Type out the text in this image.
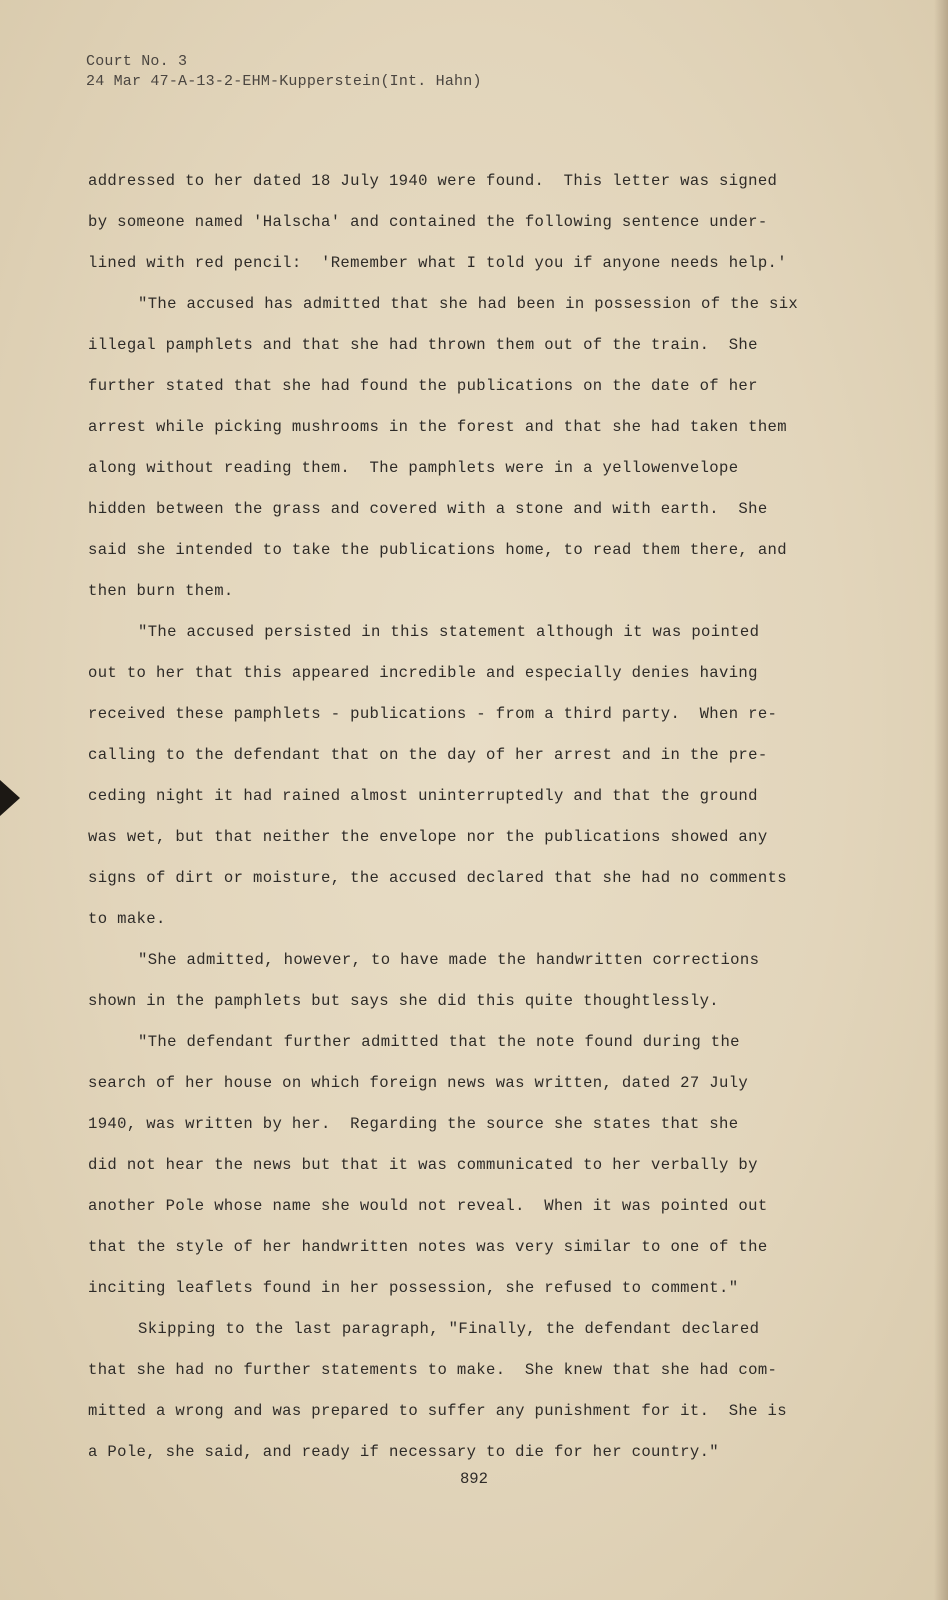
Court No. 3
24 Mar 47-A-13-2-EHM-Kupperstein(Int. Hahn)
addressed to her dated 18 July 1940 were found.  This letter was signed
by someone named 'Halscha' and contained the following sentence under-
lined with red pencil:  'Remember what I told you if anyone needs help.'
"The accused has admitted that she had been in possession of the six
illegal pamphlets and that she had thrown them out of the train.  She
further stated that she had found the publications on the date of her
arrest while picking mushrooms in the forest and that she had taken them
along without reading them.  The pamphlets were in a yellowenvelope
hidden between the grass and covered with a stone and with earth.  She
said she intended to take the publications home, to read them there, and
then burn them.
"The accused persisted in this statement although it was pointed
out to her that this appeared incredible and especially denies having
received these pamphlets - publications - from a third party.  When re-
calling to the defendant that on the day of her arrest and in the pre-
ceding night it had rained almost uninterruptedly and that the ground
was wet, but that neither the envelope nor the publications showed any
signs of dirt or moisture, the accused declared that she had no comments
to make.
"She admitted, however, to have made the handwritten corrections
shown in the pamphlets but says she did this quite thoughtlessly.
"The defendant further admitted that the note found during the
search of her house on which foreign news was written, dated 27 July
1940, was written by her.  Regarding the source she states that she
did not hear the news but that it was communicated to her verbally by
another Pole whose name she would not reveal.  When it was pointed out
that the style of her handwritten notes was very similar to one of the
inciting leaflets found in her possession, she refused to comment."
Skipping to the last paragraph, "Finally, the defendant declared
that she had no further statements to make.  She knew that she had com-
mitted a wrong and was prepared to suffer any punishment for it.  She is
a Pole, she said, and ready if necessary to die for her country."
892
